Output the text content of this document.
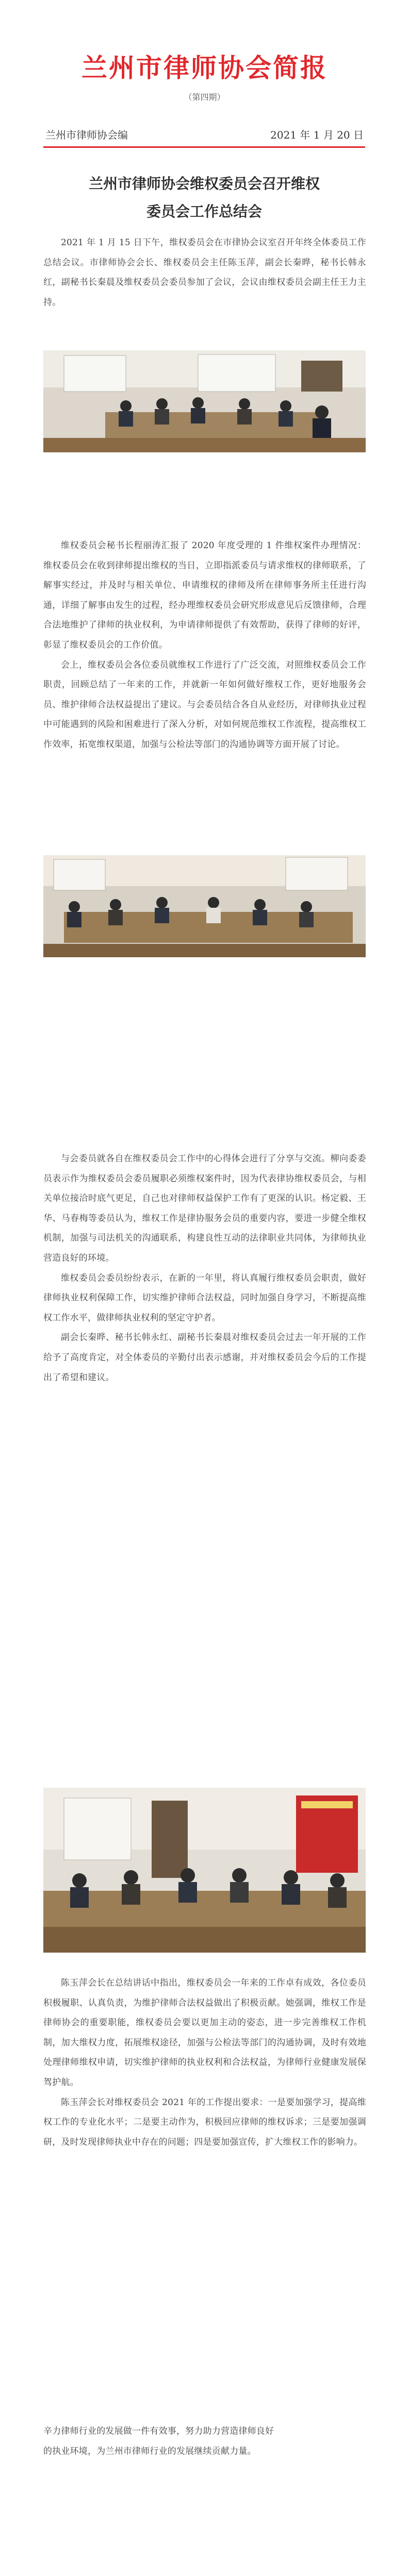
兰州市律师协会简报
（第四期）
兰州市律师协会编	2021 年 1 月 20 日
兰州市律师协会维权委员会召开维权
委员会工作总结会

2021 年 1 月 15 日下午，维权委员会在市律协会议室召开年终全体委员工作总结会议。市律师协会会长、维权委员会主任陈玉萍，副会长秦晔，秘书长韩永红，副秘书长秦晨及维权委员会委员参加了会议，会议由维权委员会副主任王力主持。

维权委员会秘书长程丽涛汇报了 2020 年度受理的 1 件维权案件办理情况：维权委员会在收到律师提出维权的当日，立即指派委员与请求维权的律师联系，了解事实经过，并及时与相关单位、申请维权的律师及所在律师事务所主任进行沟通，详细了解事由发生的过程，经办理维权委员会研究形成意见后反馈律师，合理合法地维护了律师的执业权利，为申请律师提供了有效帮助，获得了律师的好评，彰显了维权委员会的工作价值。

会上，维权委员会各位委员就维权工作进行了广泛交流，对照维权委员会工作职责，回顾总结了一年来的工作，并就新一年如何做好维权工作，更好地服务会员、维护律师合法权益提出了建议。与会委员结合各自从业经历，对律师执业过程中可能遇到的风险和困难进行了深入分析，对如何规范维权工作流程，提高维权工作效率，拓宽维权渠道，加强与公检法等部门的沟通协调等方面开展了讨论。

与会委员就各自在维权委员会工作中的心得体会进行了分享与交流。柳向委委员表示作为维权委员会委员履职必须维权案件时，因为代表律协维权委员会，与相关单位接洽时底气更足，自己也对律师权益保护工作有了更深的认识。杨定毅、王华、马春梅等委员认为，维权工作是律协服务会员的重要内容，要进一步健全维权机制，加强与司法机关的沟通联系，构建良性互动的法律职业共同体，为律师执业营造良好的环境。

维权委员会委员纷纷表示，在新的一年里，将认真履行维权委员会职责，做好律师执业权利保障工作，切实维护律师合法权益，同时加强自身学习，不断提高维权工作水平，做律师执业权利的坚定守护者。

副会长秦晔、秘书长韩永红、副秘书长秦晨对维权委员会过去一年开展的工作给予了高度肯定，对全体委员的辛勤付出表示感谢，并对维权委员会今后的工作提出了希望和建议。

陈玉萍会长在总结讲话中指出，维权委员会一年来的工作卓有成效，各位委员积极履职、认真负责，为维护律师合法权益做出了积极贡献。她强调，维权工作是律师协会的重要职能，维权委员会要以更加主动的姿态，进一步完善维权工作机制，加大维权力度，拓展维权途径，加强与公检法等部门的沟通协调，及时有效地处理律师维权申请，切实维护律师的执业权利和合法权益，为律师行业健康发展保驾护航。

陈玉萍会长对维权委员会 2021 年的工作提出要求：一是要加强学习，提高维权工作的专业化水平；二是要主动作为，积极回应律师的维权诉求；三是要加强调研，及时发现律师执业中存在的问题；四是要加强宣传，扩大维权工作的影响力。

辛力律师行业的发展做一件有效事，努力助力营造律师良好
的执业环境，为兰州市律师行业的发展继续贡献力量。
